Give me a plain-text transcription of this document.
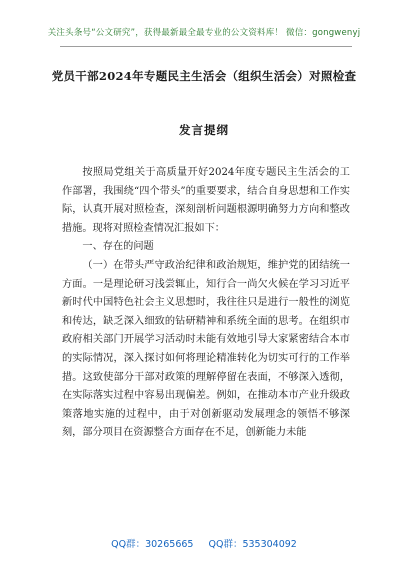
关注头条号“公文研究”，获得最新最全最专业的公文资料库！ 微信：gongwenyj
党员干部2024年专题民主生活会（组织生活会）对照检查
发言提纲

按照局党组关于高质量开好2024年度专题民主生活会的工作部署，我围绕“四个带头”的重要要求，结合自身思想和工作实际，认真开展对照检查，深刻剖析问题根源明确努力方向和整改措施。现将对照检查情况汇报如下：

一、存在的问题

（一）在带头严守政治纪律和政治规矩，维护党的团结统一方面。一是理论研习浅尝辄止，知行合一尚欠火候在学习习近平新时代中国特色社会主义思想时，我往往只是进行一般性的浏览和传达，缺乏深入细致的钻研精神和系统全面的思考。在组织市政府相关部门开展学习活动时未能有效地引导大家紧密结合本市的实际情况，深入探讨如何将理论精准转化为切实可行的工作举措。这致使部分干部对政策的理解停留在表面，不够深入透彻，在实际落实过程中容易出现偏差。例如，在推动本市产业升级政策落地实施的过程中，由于对创新驱动发展理念的领悟不够深刻，部分项目在资源整合方面存在不足，创新能力未能

QQ群：30265665 QQ群：535304092
